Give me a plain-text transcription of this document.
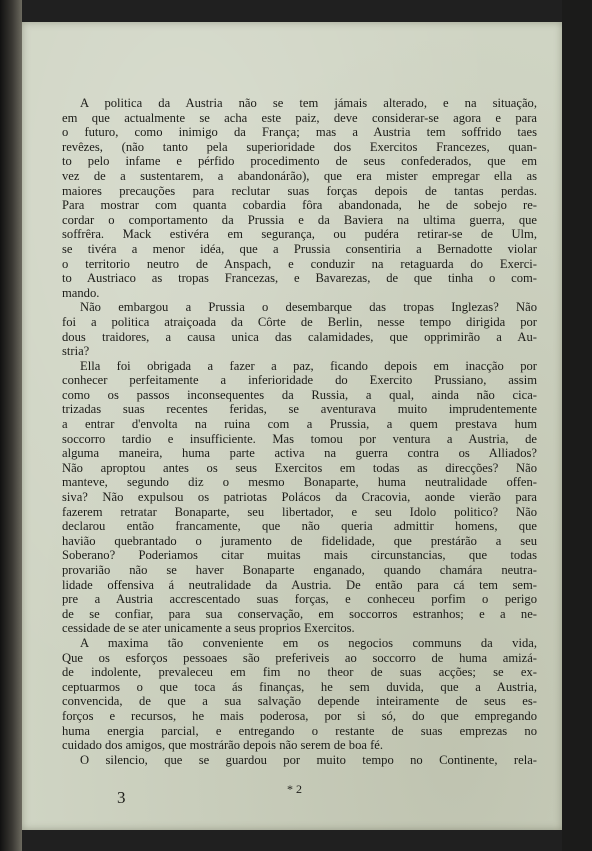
A politica da Austria não se tem jámais alterado, e na situação,
em que actualmente se acha este paiz, deve considerar-se agora e para
o futuro, como inimigo da França; mas a Austria tem soffrido taes
revêzes, (não tanto pela superioridade dos Exercitos Francezes, quan-
to pelo infame e pérfido procedimento de seus confederados, que em
vez de a sustentarem, a abandonárão), que era mister empregar ella as
maiores precauções para reclutar suas forças depois de tantas perdas.
Para mostrar com quanta cobardia fôra abandonada, he de sobejo re-
cordar o comportamento da Prussia e da Baviera na ultima guerra, que
soffrêra. Mack estivéra em segurança, ou pudéra retirar-se de Ulm,
se tivéra a menor idéa, que a Prussia consentiria a Bernadotte violar
o territorio neutro de Anspach, e conduzir na retaguarda do Exerci-
to Austriaco as tropas Francezas, e Bavarezas, de que tinha o com-
mando.
Não embargou a Prussia o desembarque das tropas Inglezas? Não
foi a politica atraiçoada da Côrte de Berlin, nesse tempo dirigida por
dous traidores, a causa unica das calamidades, que opprimirão a Au-
stria?
Ella foi obrigada a fazer a paz, ficando depois em inacção por
conhecer perfeitamente a inferioridade do Exercito Prussiano, assim
como os passos inconsequentes da Russia, a qual, ainda não cica-
trizadas suas recentes feridas, se aventurava muito imprudentemente
a entrar d'envolta na ruina com a Prussia, a quem prestava hum
soccorro tardio e insufficiente. Mas tomou por ventura a Austria, de
alguma maneira, huma parte activa na guerra contra os Alliados?
Não aproptou antes os seus Exercitos em todas as direcções? Não
manteve, segundo diz o mesmo Bonaparte, huma neutralidade offen-
siva? Não expulsou os patriotas Polácos da Cracovia, aonde vierão para
fazerem retratar Bonaparte, seu libertador, e seu Idolo politico? Não
declarou então francamente, que não queria admittir homens, que
havião quebrantado o juramento de fidelidade, que prestárão a seu
Soberano? Poderiamos citar muitas mais circunstancias, que todas
provarião não se haver Bonaparte enganado, quando chamára neutra-
lidade offensiva á neutralidade da Austria. De então para cá tem sem-
pre a Austria accrescentado suas forças, e conheceu porfim o perigo
de se confiar, para sua conservação, em soccorros estranhos; e a ne-
cessidade de se ater unicamente a seus proprios Exercitos.
A maxima tão conveniente em os negocios communs da vida,
Que os esforços pessoaes são preferiveis ao soccorro de huma amizá-
de indolente, prevaleceu em fim no theor de suas acções; se ex-
ceptuarmos o que toca ás finanças, he sem duvida, que a Austria,
convencida, de que a sua salvação depende inteiramente de seus es-
forços e recursos, he mais poderosa, por si só, do que empregando
huma energia parcial, e entregando o restante de suas emprezas no
cuidado dos amigos, que mostrárão depois não serem de boa fé.
O silencio, que se guardou por muito tempo no Continente, rela-
3	* 2
